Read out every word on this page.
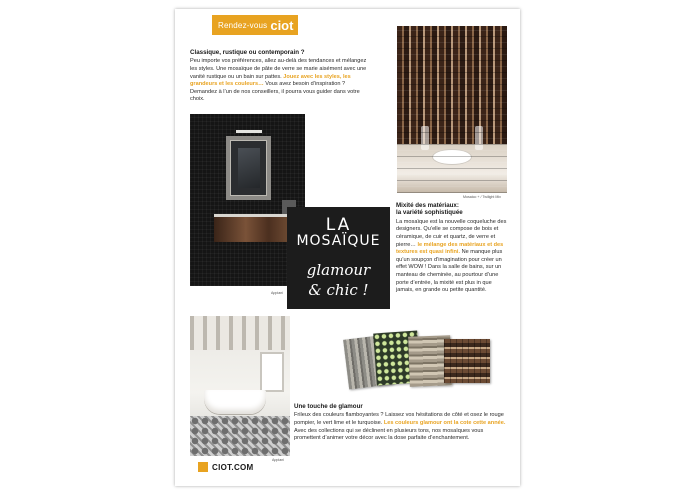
Rendez-vous ciot
Classique, rustique ou contemporain ?

Peu importe vos préférences, allez au-delà des tendances et mélangez les styles. Une mosaïque de pâte de verre se marie aisément avec une vanité rustique ou un bain sur pattes. Jouez avec les styles, les grandeurs et les couleurs… Vous avez besoin d’inspiration ? Demandez à l’un de nos conseillers, il pourra vous guider dans votre choix.

Appiani
Mosaico + / Twilight Mix
Mixité des matériaux:
la variété sophistiquée

La mosaïque est la nouvelle coqueluche des designers. Qu’elle se compose de bois et céramique, de cuir et quartz, de verre et pierre… le mélange des matériaux et des textures est quasi infini. Ne manque plus qu’un soupçon d’imagination pour créer un effet WOW ! Dans la salle de bains, sur un manteau de cheminée, au pourtour d’une porte d’entrée, la mixité est plus in que jamais, en grande ou petite quantité.

LA
MOSAÏQUE
glamour
& chic !
Appiani
Une touche de glamour

Frileux des couleurs flamboyantes ? Laissez vos hésitations de côté et osez le rouge pompier, le vert lime et le turquoise. Les couleurs glamour ont la cote cette année. Avec des collections qui se déclinent en plusieurs tons, nos mosaïques vous promettent d’animer votre décor avec la dose parfaite d’enchantement.

CIOT.COM
